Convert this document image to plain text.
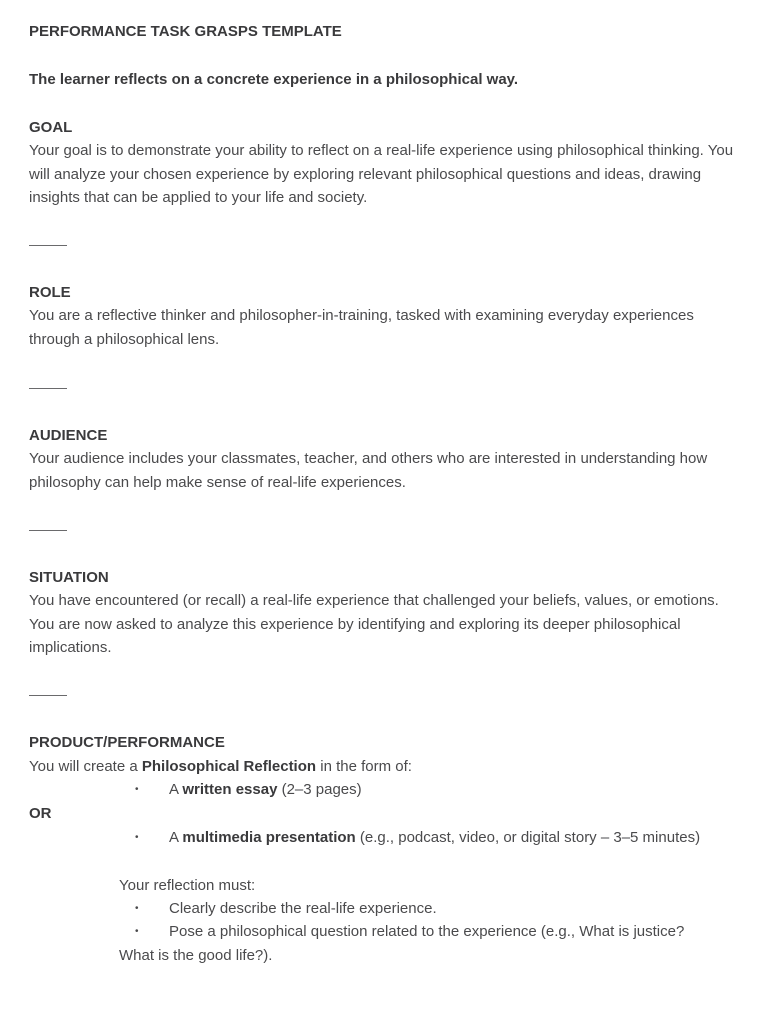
PERFORMANCE TASK GRASPS TEMPLATE
The learner reflects on a concrete experience in a philosophical way.
GOAL
Your goal is to demonstrate your ability to reflect on a real-life experience using philosophical thinking. You will analyze your chosen experience by exploring relevant philosophical questions and ideas, drawing insights that can be applied to your life and society.
ROLE
You are a reflective thinker and philosopher-in-training, tasked with examining everyday experiences through a philosophical lens.
AUDIENCE
Your audience includes your classmates, teacher, and others who are interested in understanding how philosophy can help make sense of real-life experiences.
SITUATION
You have encountered (or recall) a real-life experience that challenged your beliefs, values, or emotions. You are now asked to analyze this experience by identifying and exploring its deeper philosophical implications.
PRODUCT/PERFORMANCE
You will create a Philosophical Reflection in the form of:
• A written essay (2–3 pages)
OR
• A multimedia presentation (e.g., podcast, video, or digital story – 3–5 minutes)
Your reflection must:
• Clearly describe the real-life experience.
• Pose a philosophical question related to the experience (e.g., What is justice?
What is the good life?).
